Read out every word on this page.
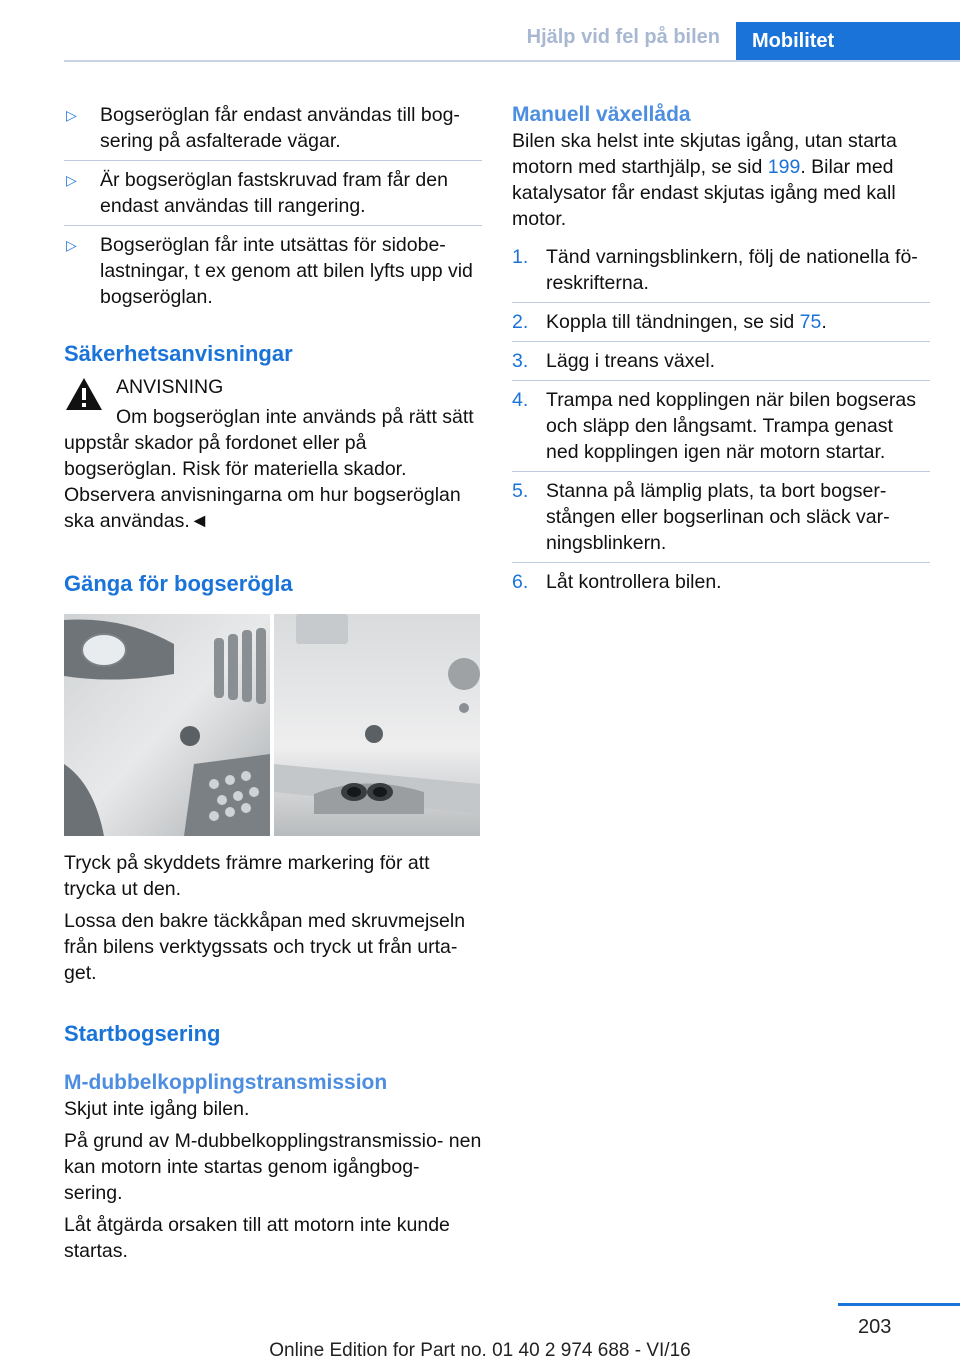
Hjälp vid fel på bilen	Mobilitet
▷ Bogseröglan får endast användas till bog‐ sering på asfalterade vägar.
▷ Är bogseröglan fastskruvad fram får den endast användas till rangering.
▷ Bogseröglan får inte utsättas för sidobe‐ lastningar, t ex genom att bilen lyfts upp vid bogseröglan.
Säkerhetsanvisningar
ANVISNING
Om bogseröglan inte används på rätt sätt uppstår skador på fordonet eller på bogseröglan. Risk för materiella skador. Observera anvisningarna om hur bogseröglan ska användas.◄
Gänga för bogserögla
Tryck på skyddets främre markering för att trycka ut den.
Lossa den bakre täckkåpan med skruvmejseln från bilens verktygssats och tryck ut från urta‐ get.
Startbogsering
M-dubbelkopplingstransmission
Skjut inte igång bilen.
På grund av M-dubbelkopplingstransmissio‐ nen kan motorn inte startas genom igångbog‐ sering.
Låt åtgärda orsaken till att motorn inte kunde startas.
Manuell växellåda
Bilen ska helst inte skjutas igång, utan starta motorn med starthjälp, se sid 199. Bilar med katalysator får endast skjutas igång med kall motor.
1. Tänd varningsblinkern, följ de nationella fö‐ reskrifterna.
2. Koppla till tändningen, se sid 75.
3. Lägg i treans växel.
4. Trampa ned kopplingen när bilen bogseras och släpp den långsamt. Trampa genast ned kopplingen igen när motorn startar.
5. Stanna på lämplig plats, ta bort bogser‐ stången eller bogserlinan och släck var‐ ningsblinkern.
6. Låt kontrollera bilen.
203
Online Edition for Part no. 01 40 2 974 688 - VI/16
